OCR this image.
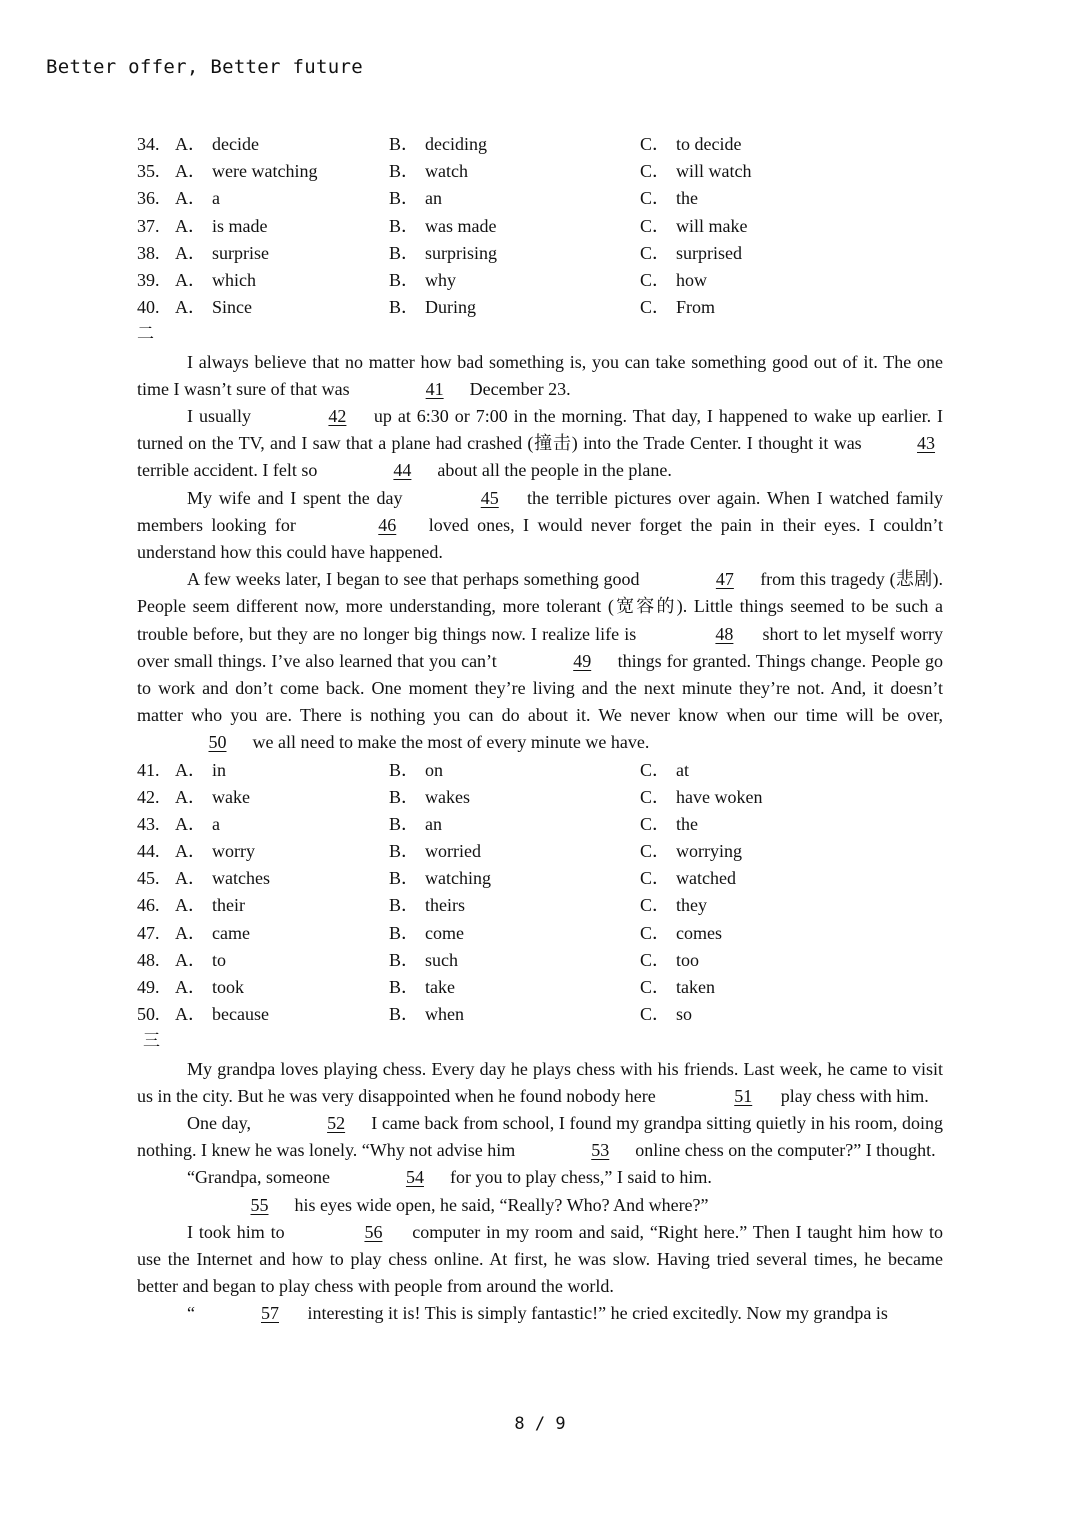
Better offer, Better future
34. A． decide	B． deciding	C． to decide
35. A． were watching	B． watch	C． will watch
36. A． a	B． an	C． the
37. A． is made	B． was made	C． will make
38. A． surprise	B． surprising	C． surprised
39. A． which	B． why	C． how
40. A． Since	B． During	C． From
二

I always believe that no matter how bad something is, you can take something good out of it. The one time I wasn’t sure of that was	41 December 23.

I usually	42 up at 6:30 or 7:00 in the morning. That day, I happened to wake up earlier. I turned on the TV, and I saw that a plane had crashed (撞击) into the Trade Center. I thought it was	43 terrible accident. I felt so	44 about all the people in the plane.

My wife and I spent the day	45 the terrible pictures over again. When I watched family members looking for	46 loved ones, I would never forget the pain in their eyes. I couldn’t understand how this could have happened.

A few weeks later, I began to see that perhaps something good	47 from this tragedy (悲剧). People seem different now, more understanding, more tolerant (宽容的). Little things seemed to be such a trouble before, but they are no longer big things now. I realize life is	48 short to let myself worry over small things. I’ve also learned that you can’t	49 things for granted. Things change. People go to work and don’t come back. One moment they’re living and the next minute they’re not. And, it doesn’t matter who you are. There is nothing you can do about it. We never know when our time will be over, 50 we all need to make the most of every minute we have.

41. A． in	B． on	C． at
42. A． wake	B． wakes	C． have woken
43. A． a	B． an	C． the
44. A． worry	B． worried	C． worrying
45. A． watches	B． watching	C． watched
46. A． their	B． theirs	C． they
47. A． came	B． come	C． comes
48. A． to	B． such	C． too
49. A． took	B． take	C． taken
50. A． because	B． when	C． so
三

My grandpa loves playing chess. Every day he plays chess with his friends. Last week, he came to visit us in the city. But he was very disappointed when he found nobody here	51 play chess with him.

One day,	52 I came back from school, I found my grandpa sitting quietly in his room, doing nothing. I knew he was lonely. “Why not advise him	53 online chess on the computer?” I thought.

“Grandpa, someone	54 for you to play chess,” I said to him.

55 his eyes wide open, he said, “Really? Who? And where?”

I took him to	56 computer in my room and said, “Right here.” Then I taught him how to use the Internet and how to play chess online. At first, he was slow. Having tried several times, he became better and began to play chess with people from around the world.

“	57 interesting it is! This is simply fantastic!” he cried excitedly. Now my grandpa is

8 / 9
